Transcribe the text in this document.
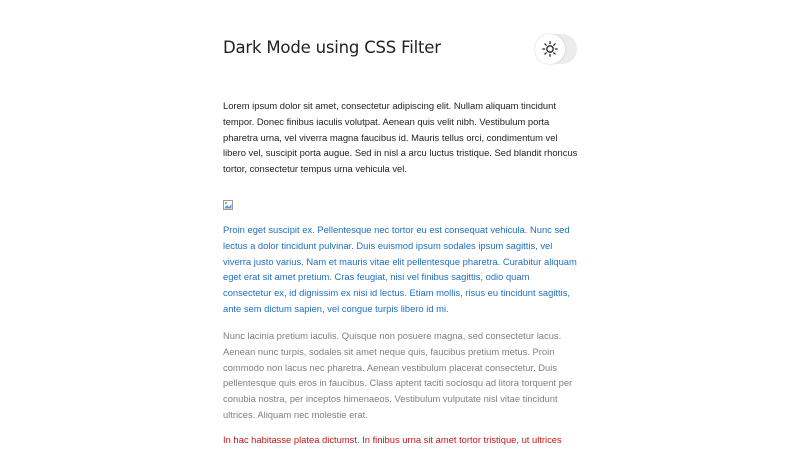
Dark Mode using CSS Filter

Lorem ipsum dolor sit amet, consectetur adipiscing elit. Nullam aliquam tincidunt tempor. Donec finibus iaculis volutpat. Aenean quis velit nibh. Vestibulum porta pharetra urna, vel viverra magna faucibus id. Mauris tellus orci, condimentum vel libero vel, suscipit porta augue. Sed in nisl a arcu luctus tristique. Sed blandit rhoncus tortor, consectetur tempus urna vehicula vel.

Proin eget suscipit ex. Pellentesque nec tortor eu est consequat vehicula. Nunc sed lectus a dolor tincidunt pulvinar. Duis euismod ipsum sodales ipsum sagittis, vel viverra justo varius. Nam et mauris vitae elit pellentesque pharetra. Curabitur aliquam eget erat sit amet pretium. Cras feugiat, nisi vel finibus sagittis, odio quam consectetur ex, id dignissim ex nisi id lectus. Etiam mollis, risus eu tincidunt sagittis, ante sem dictum sapien, vel congue turpis libero id mi.

Nunc lacinia pretium iaculis. Quisque non posuere magna, sed consectetur lacus. Aenean nunc turpis, sodales sit amet neque quis, faucibus pretium metus. Proin commodo non lacus nec pharetra. Aenean vestibulum placerat consectetur. Duis pellentesque quis eros in faucibus. Class aptent taciti sociosqu ad litora torquent per conubia nostra, per inceptos himenaeos. Vestibulum vulputate nisl vitae tincidunt ultrices. Aliquam nec molestie erat.

In hac habitasse platea dictumst. In finibus urna sit amet tortor tristique, ut ultrices
